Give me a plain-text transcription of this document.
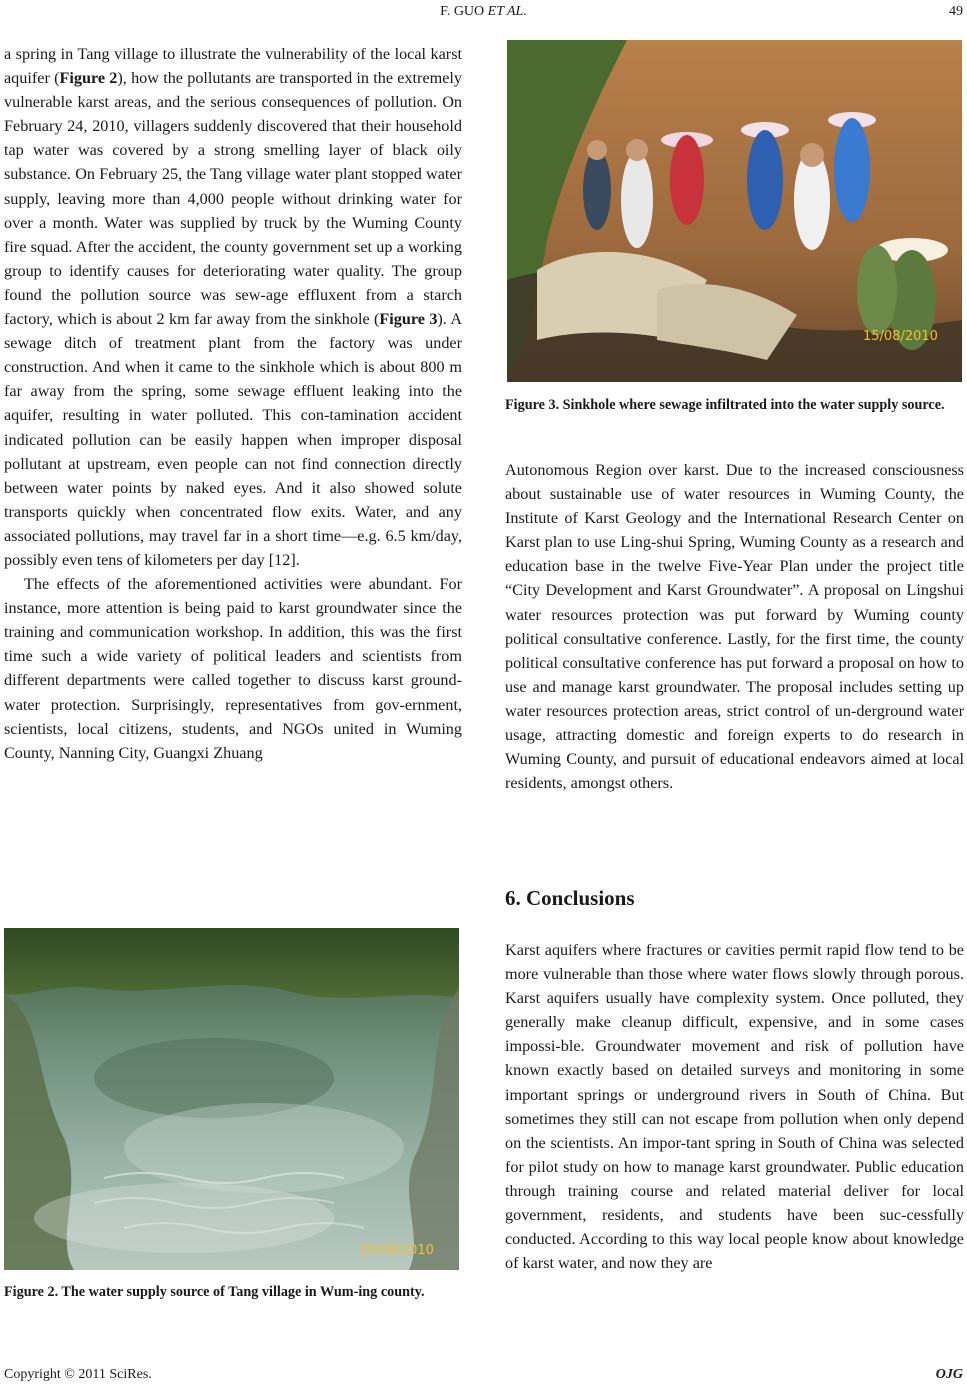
F. GUO ET AL.	49

a spring in Tang village to illustrate the vulnerability of the local karst aquifer (Figure 2), how the pollutants are transported in the extremely vulnerable karst areas, and the serious consequences of pollution. On February 24, 2010, villagers suddenly discovered that their household tap water was covered by a strong smelling layer of black oily substance. On February 25, the Tang village water plant stopped water supply, leaving more than 4,000 people without drinking water for over a month. Water was supplied by truck by the Wuming County fire squad. After the accident, the county government set up a working group to identify causes for deteriorating water quality. The group found the pollution source was sew-age effluxent from a starch factory, which is about 2 km far away from the sinkhole (Figure 3). A sewage ditch of treatment plant from the factory was under construction. And when it came to the sinkhole which is about 800 m far away from the spring, some sewage effluent leaking into the aquifer, resulting in water polluted. This con-tamination accident indicated pollution can be easily happen when improper disposal pollutant at upstream, even people can not find connection directly between water points by naked eyes. And it also showed solute transports quickly when concentrated flow exits. Water, and any associated pollutions, may travel far in a short time―e.g. 6.5 km/day, possibly even tens of kilometers per day [12].

The effects of the aforementioned activities were abundant. For instance, more attention is being paid to karst groundwater since the training and communication workshop. In addition, this was the first time such a wide variety of political leaders and scientists from different departments were called together to discuss karst ground-water protection. Surprisingly, representatives from gov-ernment, scientists, local citizens, students, and NGOs united in Wuming County, Nanning City, Guangxi Zhuang

15/08/2010
Figure 2. The water supply source of Tang village in Wum-ing county.
15/08/2010
Figure 3. Sinkhole where sewage infiltrated into the water supply source.

Autonomous Region over karst. Due to the increased consciousness about sustainable use of water resources in Wuming County, the Institute of Karst Geology and the International Research Center on Karst plan to use Ling-shui Spring, Wuming County as a research and education base in the twelve Five-Year Plan under the project title “City Development and Karst Groundwater”. A proposal on Lingshui water resources protection was put forward by Wuming county political consultative conference. Lastly, for the first time, the county political consultative conference has put forward a proposal on how to use and manage karst groundwater. The proposal includes setting up water resources protection areas, strict control of un-derground water usage, attracting domestic and foreign experts to do research in Wuming County, and pursuit of educational endeavors aimed at local residents, amongst others.

6. Conclusions

Karst aquifers where fractures or cavities permit rapid flow tend to be more vulnerable than those where water flows slowly through porous. Karst aquifers usually have complexity system. Once polluted, they generally make cleanup difficult, expensive, and in some cases impossi-ble. Groundwater movement and risk of pollution have known exactly based on detailed surveys and monitoring in some important springs or underground rivers in South of China. But sometimes they still can not escape from pollution when only depend on the scientists. An impor-tant spring in South of China was selected for pilot study on how to manage karst groundwater. Public education through training course and related material deliver for local government, residents, and students have been suc-cessfully conducted. According to this way local people know about knowledge of karst water, and now they are

Copyright © 2011 SciRes.	OJG
